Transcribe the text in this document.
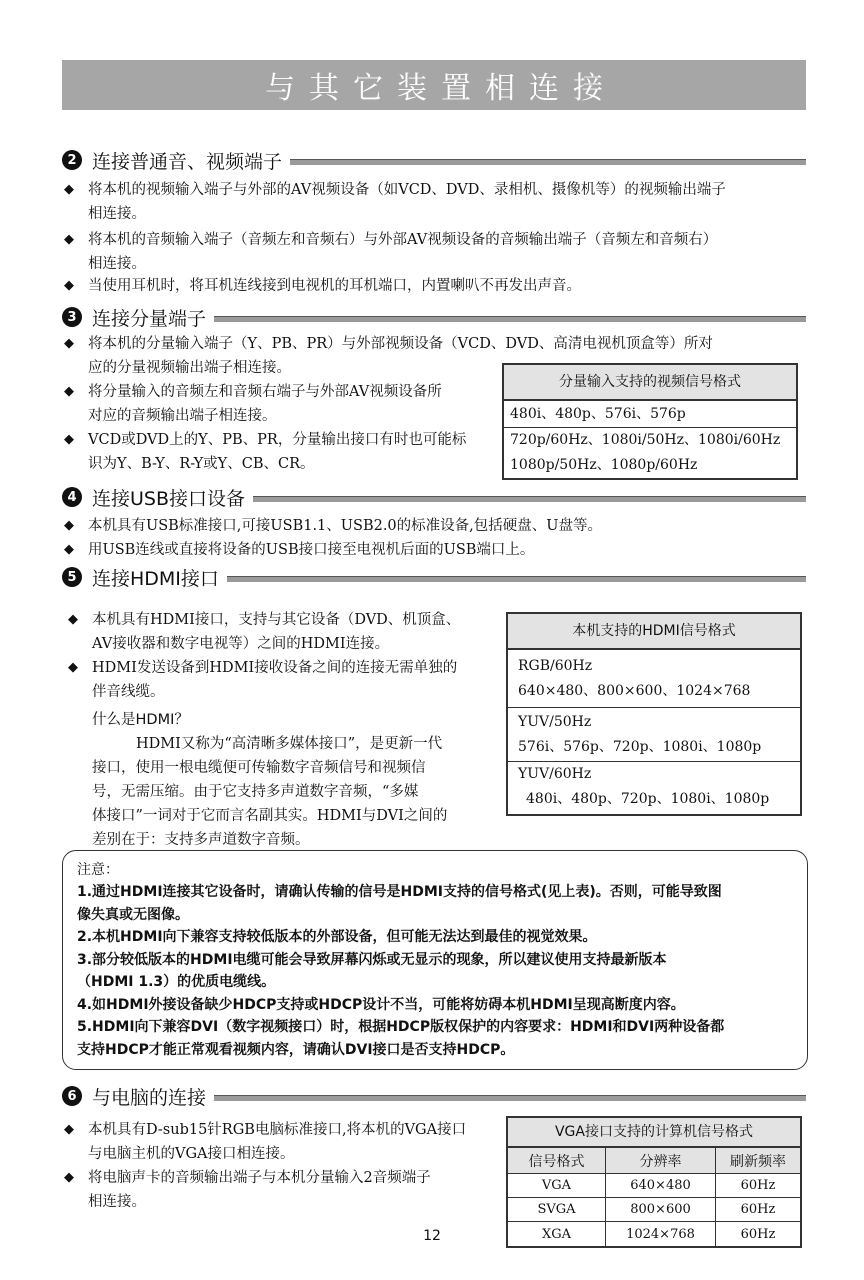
与其它装置相连接
2 连接普通音、视频端子
◆ 将本机的视频输入端子与外部的AV视频设备（如VCD、DVD、录相机、摄像机等）的视频输出端子
相连接。
◆ 将本机的音频输入端子（音频左和音频右）与外部AV视频设备的音频输出端子（音频左和音频右）
相连接。
◆ 当使用耳机时，将耳机连线接到电视机的耳机端口，内置喇叭不再发出声音。
3 连接分量端子
◆ 将本机的分量输入端子（Y、PB、PR）与外部视频设备（VCD、DVD、高清电视机顶盒等）所对
应的分量视频输出端子相连接。
◆ 将分量输入的音频左和音频右端子与外部AV视频设备所
对应的音频输出端子相连接。
◆ VCD或DVD上的Y、PB、PR，分量输出接口有时也可能标
识为Y、B-Y、R-Y或Y、CB、CR。
分量输入支持的视频信号格式
480i、480p、576i、576p
720p/60Hz、1080i/50Hz、1080i/60Hz
1080p/50Hz、1080p/60Hz
4 连接USB接口设备
◆ 本机具有USB标准接口,可接USB1.1、USB2.0的标准设备,包括硬盘、U盘等。
◆ 用USB连线或直接将设备的USB接口接至电视机后面的USB端口上。
5 连接HDMI接口
◆ 本机具有HDMI接口，支持与其它设备（DVD、机顶盒、
AV接收器和数字电视等）之间的HDMI连接。
◆ HDMI发送设备到HDMI接收设备之间的连接无需单独的
伴音线缆。
什么是HDMI？
HDMI又称为“高清晰多媒体接口”，是更新一代
接口，使用一根电缆便可传输数字音频信号和视频信
号，无需压缩。由于它支持多声道数字音频，“多媒
体接口”一词对于它而言名副其实。HDMI与DVI之间的
差别在于：支持多声道数字音频。
本机支持的HDMI信号格式
RGB/60Hz
640×480、800×600、1024×768
YUV/50Hz
576i、576p、720p、1080i、1080p
YUV/60Hz
480i、480p、720p、1080i、1080p
注意：
1.通过HDMI连接其它设备时，请确认传输的信号是HDMI支持的信号格式(见上表)。否则，可能导致图
像失真或无图像。
2.本机HDMI向下兼容支持较低版本的外部设备，但可能无法达到最佳的视觉效果。
3.部分较低版本的HDMI电缆可能会导致屏幕闪烁或无显示的现象，所以建议使用支持最新版本
（HDMI 1.3）的优质电缆线。
4.如HDMI外接设备缺少HDCP支持或HDCP设计不当，可能将妨碍本机HDMI呈现高断度内容。
5.HDMI向下兼容DVI（数字视频接口）时，根据HDCP版权保护的内容要求：HDMI和DVI两种设备都
支持HDCP才能正常观看视频内容，请确认DVI接口是否支持HDCP。
6 与电脑的连接
◆ 本机具有D-sub15针RGB电脑标准接口,将本机的VGA接口
与电脑主机的VGA接口相连接。
◆ 将电脑声卡的音频输出端子与本机分量输入2音频端子
相连接。
VGA接口支持的计算机信号格式
信号格式	分辨率	刷新频率
VGA	640×480	60Hz
SVGA	800×600	60Hz
XGA	1024×768	60Hz
12
